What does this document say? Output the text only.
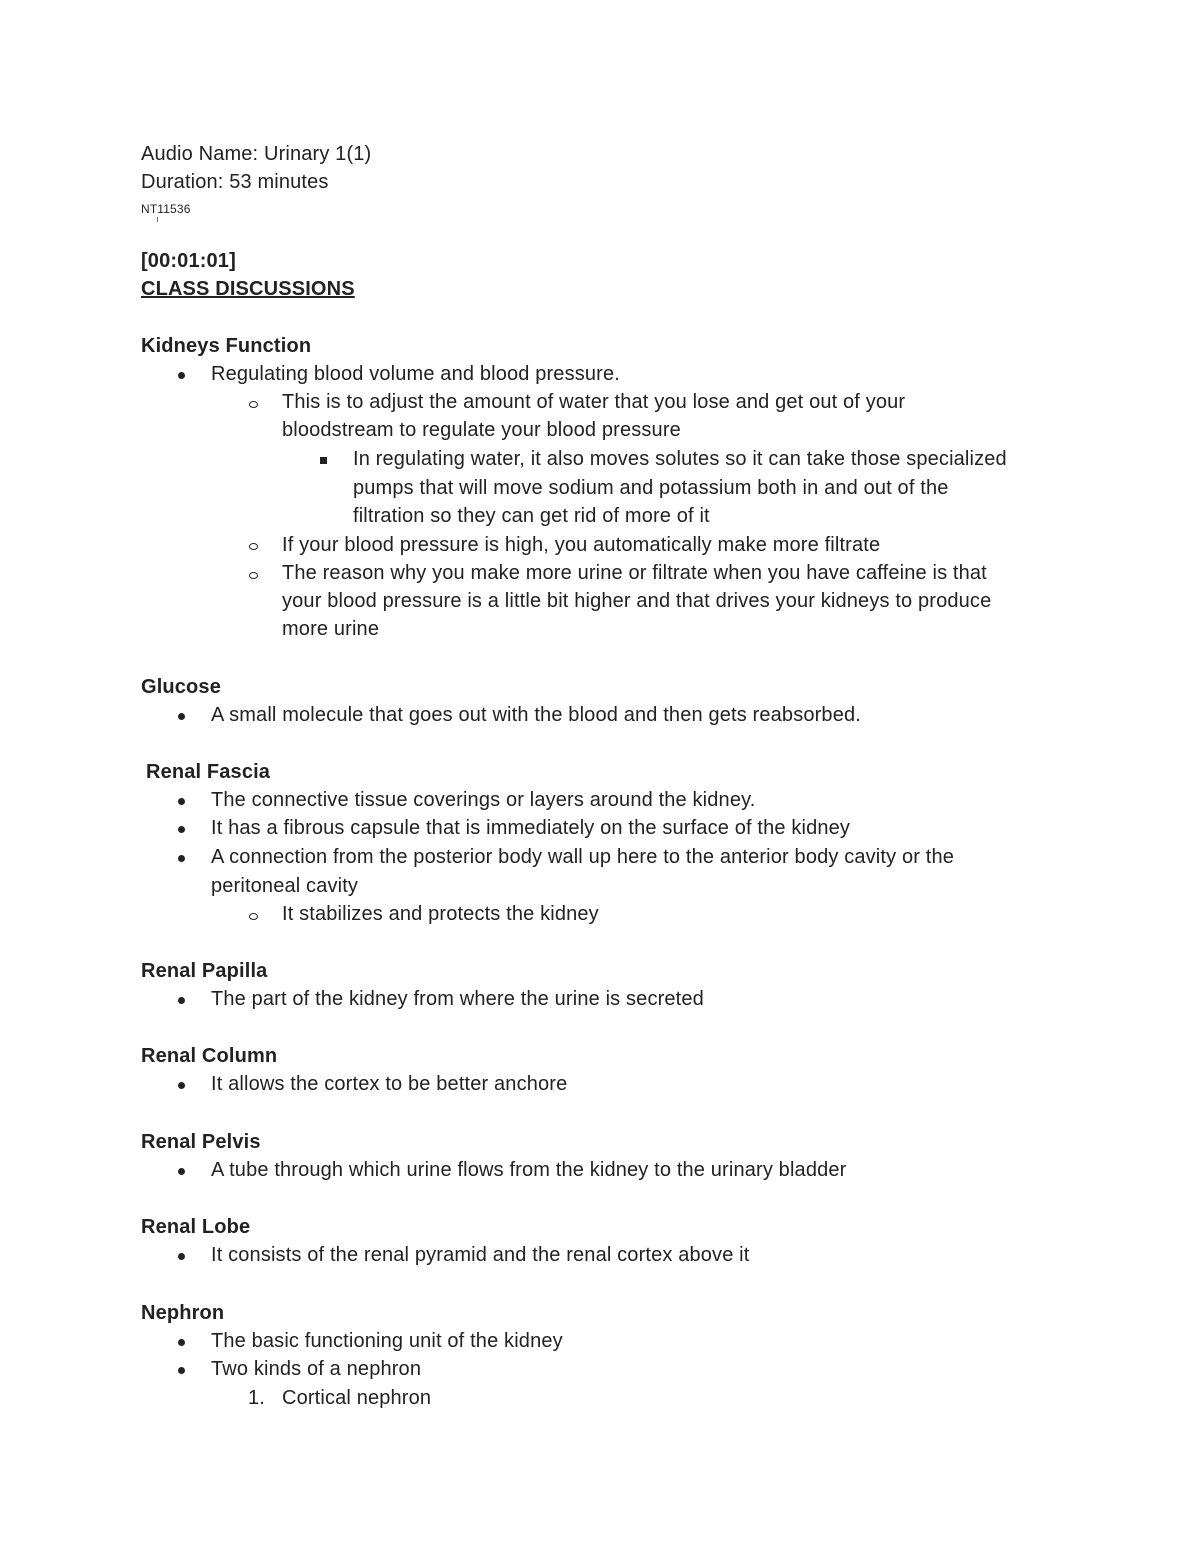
Audio Name: Urinary 1(1)
Duration: 53 minutes
NT11536
[00:01:01]
CLASS DISCUSSIONS
Kidneys Function
Regulating blood volume and blood pressure.
This is to adjust the amount of water that you lose and get out of your
bloodstream to regulate your blood pressure
In regulating water, it also moves solutes so it can take those specialized
pumps that will move sodium and potassium both in and out of the
filtration so they can get rid of more of it
If your blood pressure is high, you automatically make more filtrate
The reason why you make more urine or filtrate when you have caffeine is that
your blood pressure is a little bit higher and that drives your kidneys to produce
more urine
Glucose
A small molecule that goes out with the blood and then gets reabsorbed.
Renal Fascia
The connective tissue coverings or layers around the kidney.
It has a fibrous capsule that is immediately on the surface of the kidney
A connection from the posterior body wall up here to the anterior body cavity or the
peritoneal cavity
It stabilizes and protects the kidney
Renal Papilla
The part of the kidney from where the urine is secreted
Renal Column
It allows the cortex to be better anchore
Renal Pelvis
A tube through which urine flows from the kidney to the urinary bladder
Renal Lobe
It consists of the renal pyramid and the renal cortex above it
Nephron
The basic functioning unit of the kidney
Two kinds of a nephron
1. Cortical nephron
